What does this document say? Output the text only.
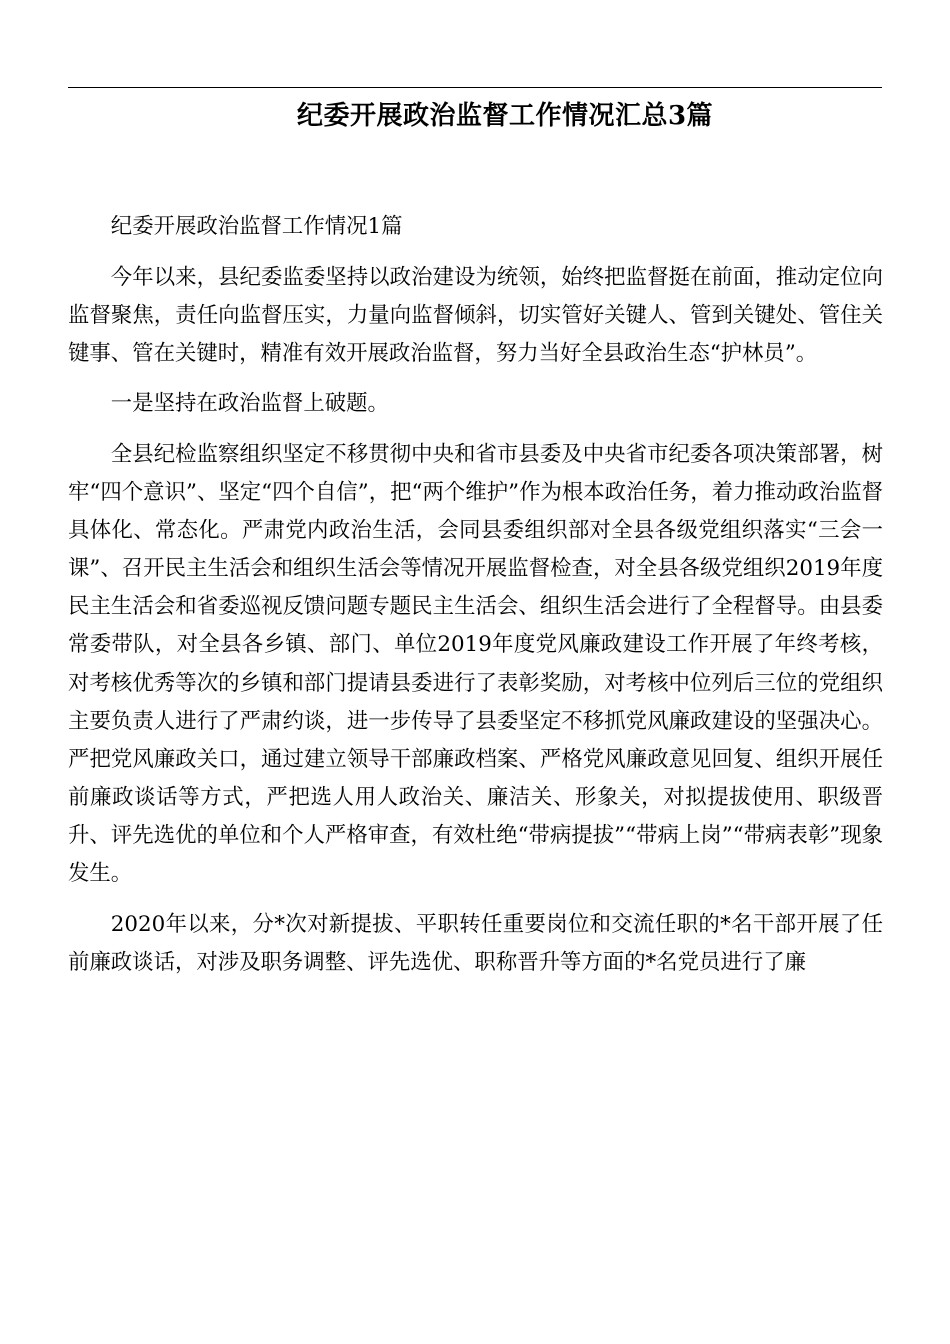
纪委开展政治监督工作情况汇总3篇

纪委开展政治监督工作情况1篇

今年以来，县纪委监委坚持以政治建设为统领，始终把监督挺在前面，推动定位向监督聚焦，责任向监督压实，力量向监督倾斜，切实管好关键人、管到关键处、管住关键事、管在关键时，精准有效开展政治监督，努力当好全县政治生态“护林员”。

一是坚持在政治监督上破题。

全县纪检监察组织坚定不移贯彻中央和省市县委及中央省市纪委各项决策部署，树牢“四个意识”、坚定“四个自信”，把“两个维护”作为根本政治任务，着力推动政治监督具体化、常态化。严肃党内政治生活，会同县委组织部对全县各级党组织落实“三会一课”、召开民主生活会和组织生活会等情况开展监督检查，对全县各级党组织2019年度民主生活会和省委巡视反馈问题专题民主生活会、组织生活会进行了全程督导。由县委常委带队，对全县各乡镇、部门、单位2019年度党风廉政建设工作开展了年终考核，对考核优秀等次的乡镇和部门提请县委进行了表彰奖励，对考核中位列后三位的党组织主要负责人进行了严肃约谈，进一步传导了县委坚定不移抓党风廉政建设的坚强决心。严把党风廉政关口，通过建立领导干部廉政档案、严格党风廉政意见回复、组织开展任前廉政谈话等方式，严把选人用人政治关、廉洁关、形象关，对拟提拔使用、职级晋升、评先选优的单位和个人严格审查，有效杜绝“带病提拔”“带病上岗”“带病表彰”现象发生。

2020年以来，分*次对新提拔、平职转任重要岗位和交流任职的*名干部开展了任前廉政谈话，对涉及职务调整、评先选优、职称晋升等方面的*名党员进行了廉
